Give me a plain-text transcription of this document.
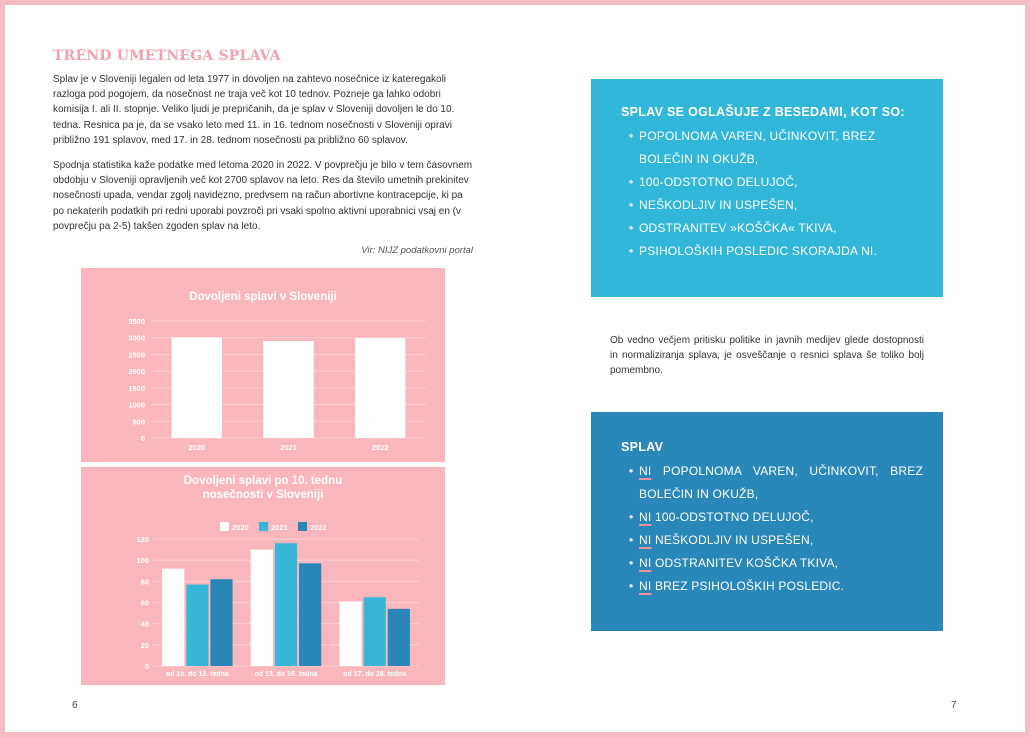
TREND UMETNEGA SPLAVA

Splav je v Sloveniji legalen od leta 1977 in dovoljen na zahtevo nosečnice iz kateregakoli razloga pod pogojem, da nosečnost ne traja več kot 10 tednov. Pozneje ga lahko odobri komisija I. ali II. stopnje. Veliko ljudi je prepričanih, da je splav v Sloveniji dovoljen le do 10. tedna. Resnica pa je, da se vsako leto med 11. in 16. tednom nosečnosti v Sloveniji opravi približno 191 splavov, med 17. in 28. tednom nosečnosti pa približno 60 splavov.

Spodnja statistika kaže podatke med letoma 2020 in 2022. V povprečju je bilo v tem časovnem obdobju v Sloveniji opravljenih več kot 2700 splavov na leto. Res da število umetnih prekinitev nosečnosti upada, vendar zgolj navidezno, predvsem na račun abortivne kontracepcije, ki pa po nekaterih podatkih pri redni uporabi povzroči pri vsaki spolno aktivni uporabnici vsaj en (v povprečju pa 2-5) takšen zgoden splav na leto.

Vir: NIJZ podatkovni portal

Dovoljeni splavi v Sloveniji
0
500
1000
1500
2000
2500
3000
3500
2020	2021	2022
Dovoljeni splavi po 10. tednu
nosečnosti v Sloveniji
2020	2021	2022
0
20
40
60
80
100
120
od 10. do 12. tedna	od 13. do 16. tedna	od 17. do 28. tedna

6

SPLAV SE OGLAŠUJE Z BESEDAMI, KOT SO:

• POPOLNOMA VAREN, UČINKOVIT, BREZ BOLEČIN IN OKUŽB,
• 100-ODSTOTNO DELUJOČ,
• NEŠKODLJIV IN USPEŠEN,
• ODSTRANITEV »KOŠČKA« TKIVA,
• PSIHOLOŠKIH POSLEDIC SKORAJDA NI.

Ob vedno večjem pritisku politike in javnih medijev glede dostopnosti in normaliziranja splava, je osveščanje o resnici splava še toliko bolj pomembno.

SPLAV

• NI POPOLNOMA VAREN, UČINKOVIT, BREZ BOLEČIN IN OKUŽB,
• NI 100-ODSTOTNO DELUJOČ,
• NI NEŠKODLJIV IN USPEŠEN,
• NI ODSTRANITEV KOŠČKA TKIVA,
• NI BREZ PSIHOLOŠKIH POSLEDIC.

7
